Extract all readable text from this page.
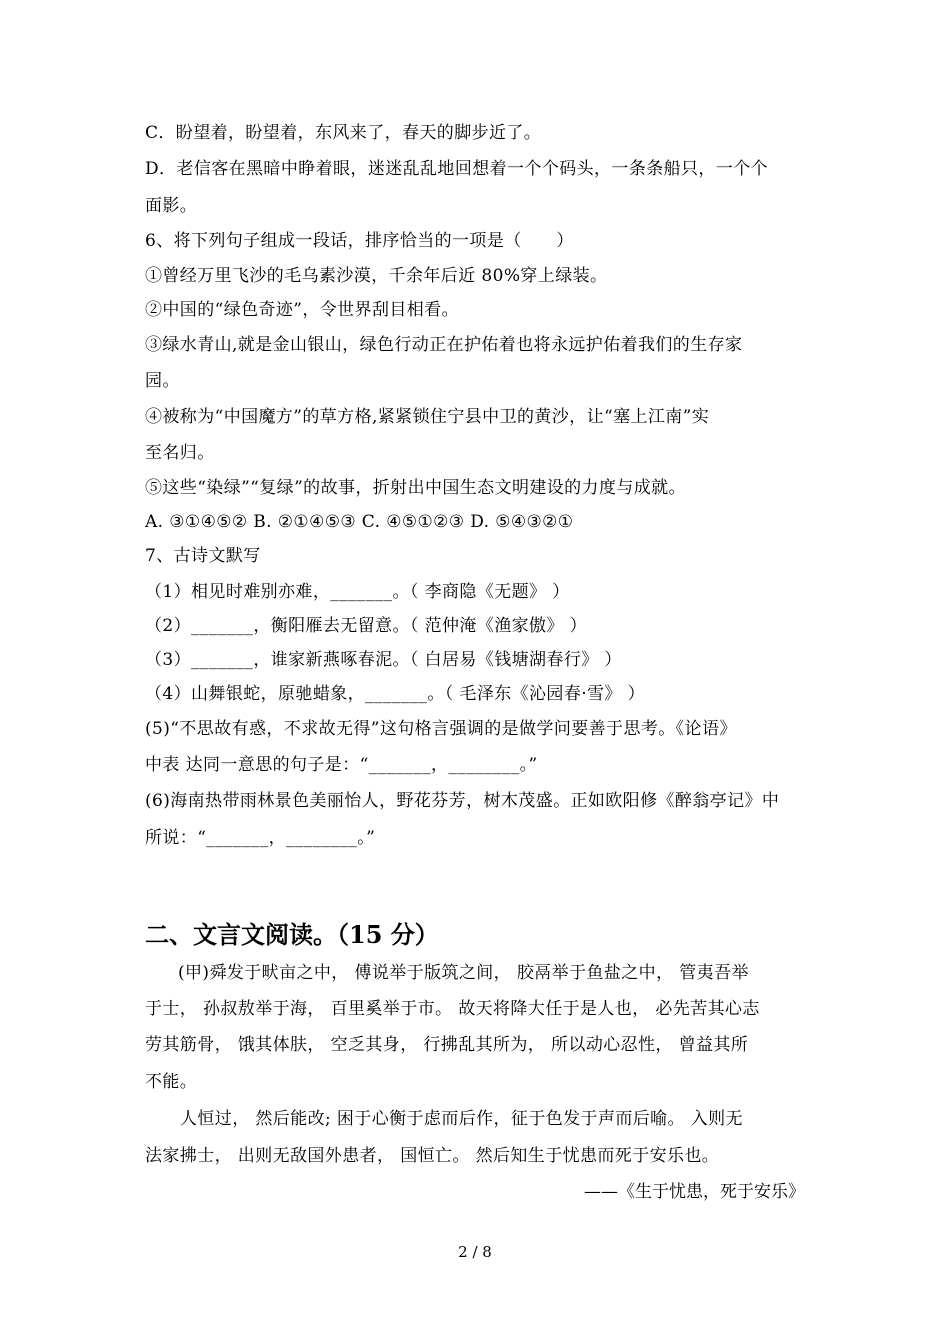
C．盼望着，盼望着，东风来了，春天的脚步近了。
D．老信客在黑暗中睁着眼，迷迷乱乱地回想着一个个码头，一条条船只，一个个
面影。
6、将下列句子组成一段话，排序恰当的一项是（　　）
①曾经万里飞沙的毛乌素沙漠，千余年后近 80%穿上绿装。
②中国的“绿色奇迹”，令世界刮目相看。
③绿水青山,就是金山银山，绿色行动正在护佑着也将永远护佑着我们的生存家
园。
④被称为“中国魔方”的草方格,紧紧锁住宁县中卫的黄沙，让“塞上江南”实
至名归。
⑤这些“染绿”“复绿”的故事，折射出中国生态文明建设的力度与成就。
A. ③①④⑤② B. ②①④⑤③ C. ④⑤①②③ D. ⑤④③②①
7、古诗文默写
（1）相见时难别亦难，_______。（ 李商隐《无题》 ）
（2）_______，衡阳雁去无留意。（ 范仲淹《渔家傲》 ）
（3）_______，谁家新燕啄春泥。（ 白居易《钱塘湖春行》 ）
（4）山舞银蛇，原驰蜡象，_______。（ 毛泽东《沁园春·雪》 ）
(5)“不思故有惑，不求故无得”这句格言强调的是做学问要善于思考。《论语》
中表 达同一意思的句子是：“_______，________。”
(6)海南热带雨林景色美丽怡人，野花芬芳，树木茂盛。正如欧阳修《醉翁亭记》中
所说：“_______，________。”
二、文言文阅读。（15 分）
(甲)舜发于畎亩之中， 傅说举于版筑之间， 胶鬲举于鱼盐之中， 管夷吾举
于士， 孙叔敖举于海， 百里奚举于市。 故天将降大任于是人也， 必先苦其心志
劳其筋骨， 饿其体肤， 空乏其身， 行拂乱其所为， 所以动心忍性， 曾益其所
不能。
人恒过， 然后能改; 困于心衡于虑而后作，征于色发于声而后喻。 入则无
法家拂士， 出则无敌国外患者， 国恒亡。 然后知生于忧患而死于安乐也。
——《生于忧患，死于安乐》
2 / 8
